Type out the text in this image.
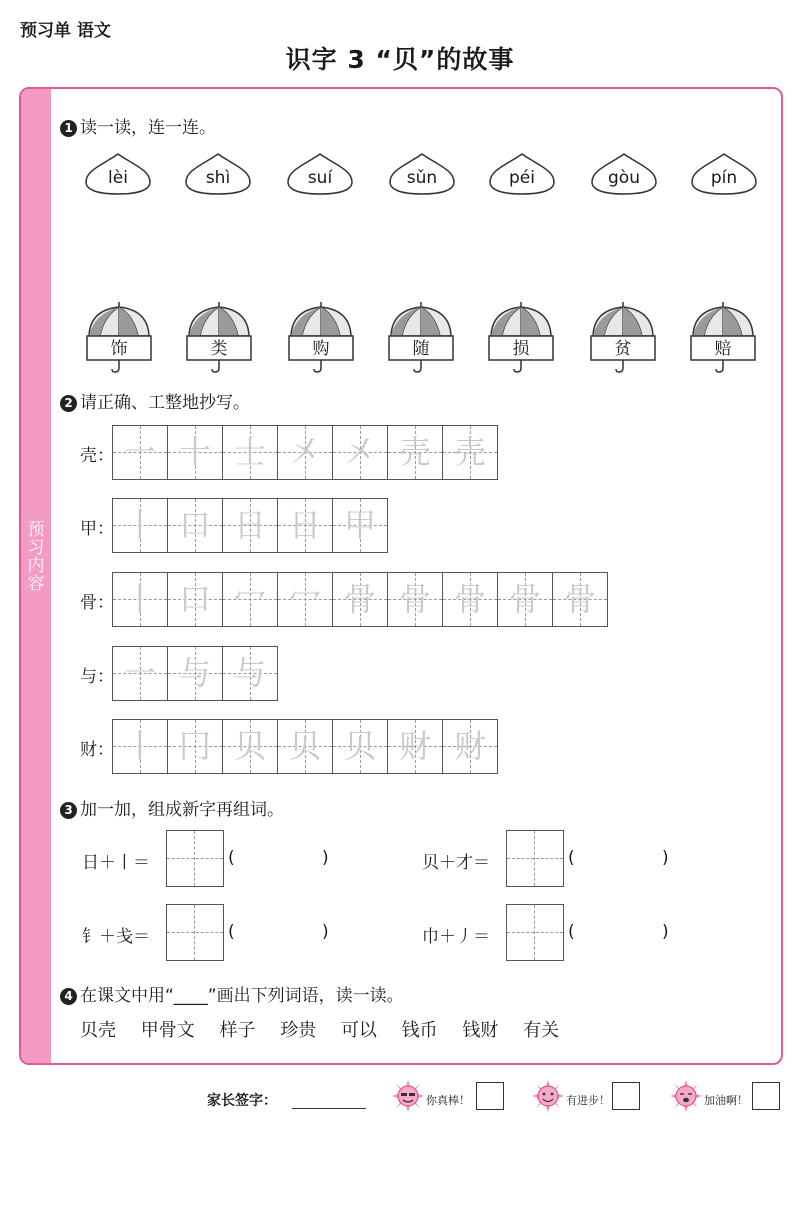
预习单 语文
识字 3 “贝”的故事
预
习
内
容
1 读一读，连一连。
lèi	shì	suí	sǔn	péi	gòu	pín
饰	类	购	随	损	贫	赔
2 请正确、工整地抄写。
壳： 一 十 士 㐅 㐅 壳 壳
甲： 丨 口 日 日 甲
骨： 丨 口 冖 冖 骨 骨 骨 骨 骨
与： 一 与 与
财： 丨 冂 贝 贝 贝 财 财
3 加一加，组成新字再组词。
日＋丨＝	(	)	贝＋才＝	(	)
钅＋戋＝	(	)	巾＋丿＝	(	)
4 在课文中用“____”画出下列词语，读一读。
贝壳 甲骨文 样子 珍贵 可以 钱币 钱财 有关
家长签字：	你真棒！	有进步！	加油啊！
